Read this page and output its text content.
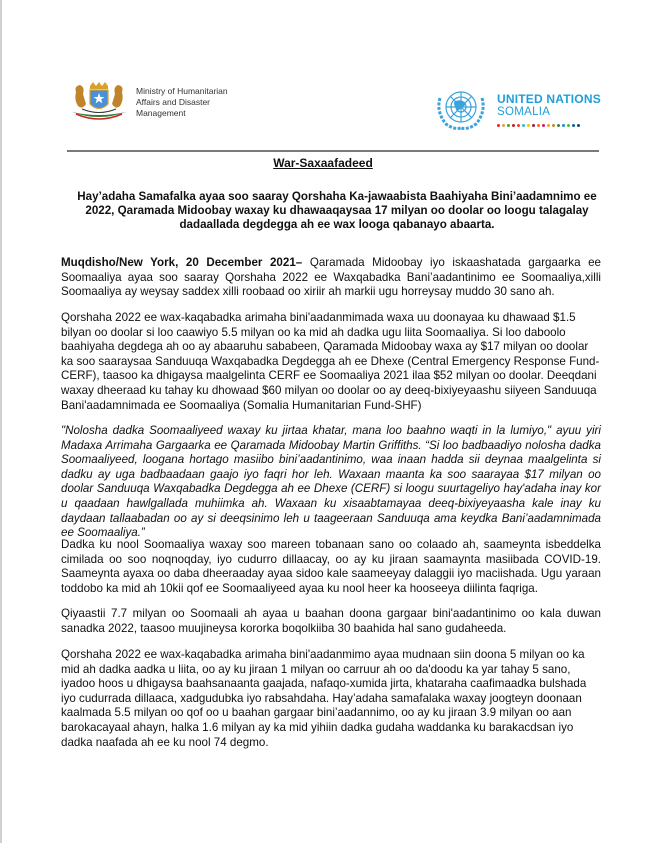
Ministry of Humanitarian
Affairs and Disaster
Management
UNITED NATIONS
SOMALIA
War-Saxaafadeed
Hay’adaha Samafalka ayaa soo saaray Qorshaha Ka-jawaabista Baahiyaha Bini’aadamnimo ee 2022, Qaramada Midoobay waxay ku dhawaaqaysaa 17 milyan oo doolar oo loogu talagalay dadaallada degdegga ah ee wax looga qabanayo abaarta.

Muqdisho/New York, 20 December 2021– Qaramada Midoobay iyo iskaashatada gargaarka ee Soomaaliya ayaa soo saaray Qorshaha 2022 ee Waxqabadka Bani’aadantinimo ee Soomaaliya,xilli Soomaaliya ay weysay saddex xilli roobaad oo xiriir ah markii ugu horreysay muddo 30 sano ah.

Qorshaha 2022 ee wax-kaqabadka arimaha bini'aadanmimada waxa uu doonayaa ku dhawaad $1.5 bilyan oo doolar si loo caawiyo 5.5 milyan oo ka mid ah dadka ugu liita Soomaaliya. Si loo daboolo baahiyaha degdega ah oo ay abaaruhu sababeen, Qaramada Midoobay waxa ay $17 milyan oo doolar ka soo saaraysaa Sanduuqa Waxqabadka Degdegga ah ee Dhexe (Central Emergency Response Fund- CERF), taasoo ka dhigaysa maalgelinta CERF ee Soomaaliya 2021 ilaa $52 milyan oo doolar. Deeqdani waxay dheeraad ku tahay ku dhowaad $60 milyan oo doolar oo ay deeq-bixiyeyaashu siiyeen Sanduuqa Bani'aadamnimada ee Soomaaliya (Somalia Humanitarian Fund-SHF)

"Nolosha dadka Soomaaliyeed waxay ku jirtaa khatar, mana loo baahno waqti in la lumiyo," ayuu yiri Madaxa Arrimaha Gargaarka ee Qaramada Midoobay Martin Griffiths. “Si loo badbaadiyo nolosha dadka Soomaaliyeed, loogana hortago masiibo bini’aadantinimo, waa inaan hadda sii deynaa maalgelinta si dadku ay uga badbaadaan gaajo iyo faqri hor leh. Waxaan maanta ka soo saarayaa $17 milyan oo doolar Sanduuqa Waxqabadka Degdegga ah ee Dhexe (CERF) si loogu suurtageliyo hay'adaha inay kor u qaadaan hawlgallada muhiimka ah. Waxaan ku xisaabtamayaa deeq-bixiyeyaasha kale inay ku daydaan tallaabadan oo ay si deeqsinimo leh u taageeraan Sanduuqa ama keydka Bani’aadamnimada ee Soomaaliya.”

Dadka ku nool Soomaaliya waxay soo mareen tobanaan sano oo colaado ah, saameynta isbeddelka cimilada oo soo noqnoqday, iyo cudurro dillaacay, oo ay ku jiraan saamaynta masiibada COVID-19. Saameynta ayaxa oo daba dheeraaday ayaa sidoo kale saameeyay dalaggii iyo maciishada. Ugu yaraan toddobo ka mid ah 10kii qof ee Soomaaliyeed ayaa ku nool heer ka hooseeya diilinta faqriga.

Qiyaastii 7.7 milyan oo Soomaali ah ayaa u baahan doona gargaar bini'aadantinimo oo kala duwan sanadka 2022, taasoo muujineysa kororka boqolkiiba 30 baahida hal sano gudaheeda.

Qorshaha 2022 ee wax-kaqabadka arimaha bini'aadanmimo ayaa mudnaan siin doona 5 milyan oo ka mid ah dadka aadka u liita, oo ay ku jiraan 1 milyan oo carruur ah oo da'doodu ka yar tahay 5 sano, iyadoo hoos u dhigaysa baahsanaanta gaajada, nafaqo-xumida jirta, khataraha caafimaadka bulshada iyo cudurrada dillaaca, xadgudubka iyo rabsahdaha. Hay’adaha samafalaka waxay joogteyn doonaan kaalmada 5.5 milyan oo qof oo u baahan gargaar bini’aadannimo, oo ay ku jiraan 3.9 milyan oo aan barokacayaal ahayn, halka 1.6 milyan ay ka mid yihiin dadka gudaha waddanka ku barakacdsan iyo dadka naafada ah ee ku nool 74 degmo.
